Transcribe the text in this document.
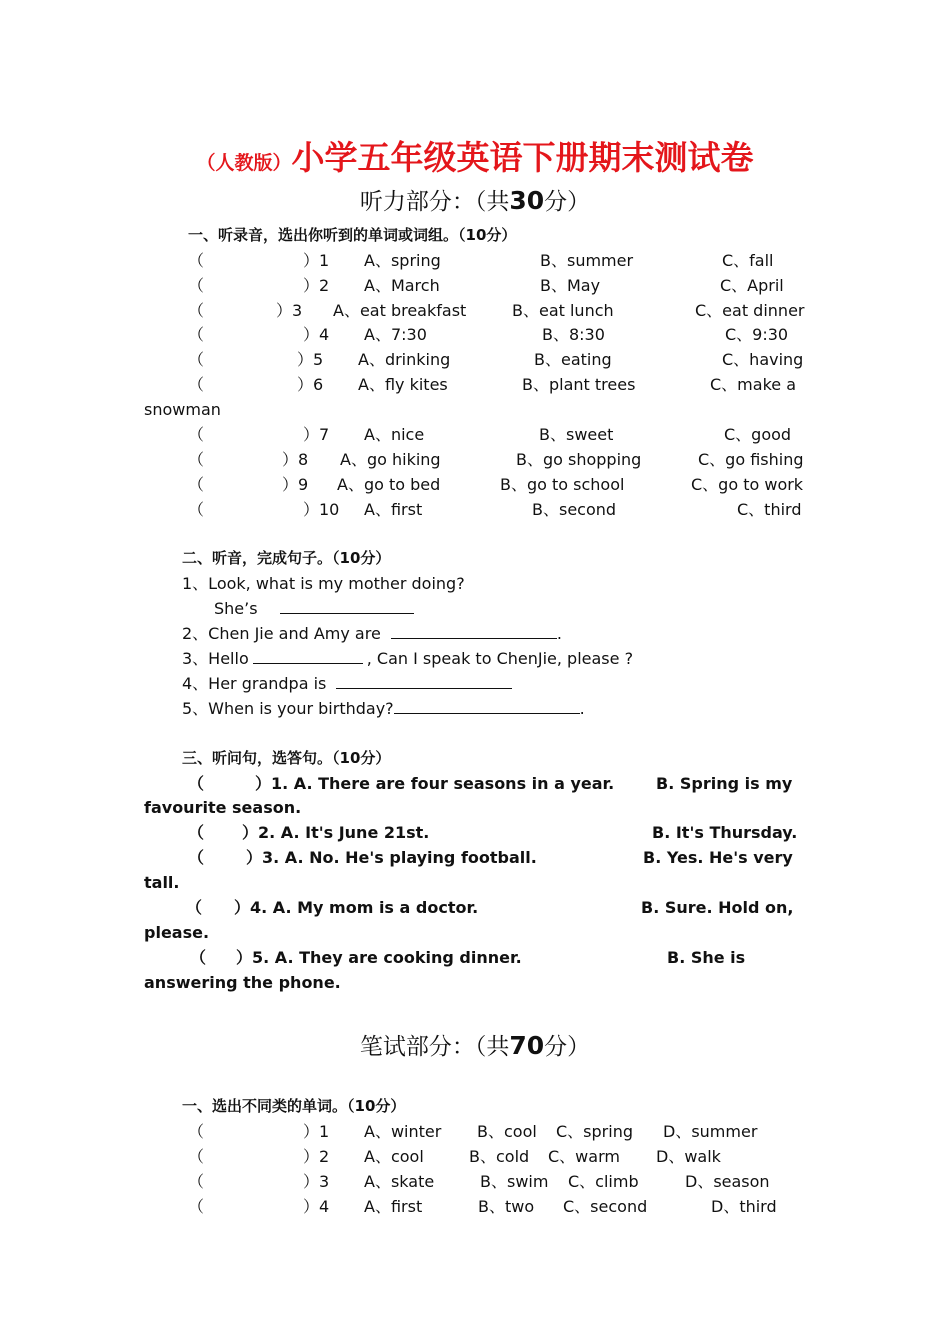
（人教版）小学五年级英语下册期末测试卷
听力部分：（共30分）
一、听录音，选出你听到的单词或词组。（10分）
（	）1 A、spring	B、summer	C、fall
（	）2 A、March	B、May	C、April
（	）3 A、eat breakfast	B、eat lunch	C、eat dinner
（	）4 A、7:30	B、8:30	C、9:30
（	）5 A、drinking	B、eating	C、having
（	）6 A、fly kites	B、plant trees	C、make a
snowman
（	）7 A、nice	B、sweet	C、good
（	）8 A、go hiking	B、go shopping	C、go fishing
（	）9 A、go to bed	B、go to school	C、go to work
（	）10 A、first	B、second	C、third
二、听音，完成句子。（10分）
1、Look, what is my mother doing?
She’s
2、Chen Jie and Amy are	.
3、Hello	, Can I speak to ChenJie, please ?
4、Her grandpa is
5、When is your birthday?	.
三、听问句，选答句。（10分）
（	）1. A. There are four seasons in a year.	B. Spring is my
favourite season.
（ ）2. A. It's June 21st.	B. It's Thursday.
（	）3. A. No. He's playing football.	B. Yes. He's very
tall.
（ ）4. A. My mom is a doctor.	B. Sure. Hold on,
please.
（ ）5. A. They are cooking dinner.	B. She is
answering the phone.
笔试部分：（共70分）
一、选出不同类的单词。（10分）
（	）1 A、winter B、cool C、spring D、summer
（	）2 A、cool	B、cold C、warm D、walk
（	）3 A、skate	B、swim C、climb	D、season
（	）4 A、first	B、two C、second	D、third
